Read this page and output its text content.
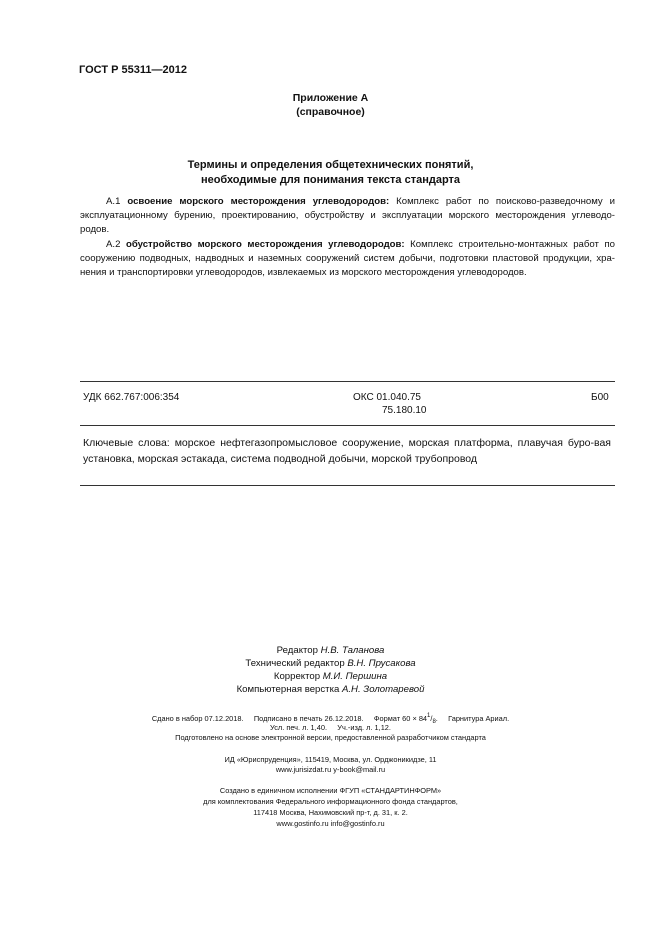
ГОСТ Р 55311—2012
Приложение А
(справочное)
Термины и определения общетехнических понятий,
необходимые для понимания текста стандарта

А.1 освоение морского месторождения углеводородов: Комплекс работ по поисково-разведочному и эксплуатационному бурению, проектированию, обустройству и эксплуатации морского месторождения углеводо-родов.

А.2 обустройство морского месторождения углеводородов: Комплекс строительно-монтажных работ по сооружению подводных, надводных и наземных сооружений систем добычи, подготовки пластовой продукции, хра-нения и транспортировки углеводородов, извлекаемых из морского месторождения углеводородов.

УДК 662.767:006:354	ОКС 01.040.75
75.180.10
Б00

Ключевые слова: морское нефтегазопромысловое сооружение, морская платформа, плавучая буро-вая установка, морская эстакада, система подводной добычи, морской трубопровод

Редактор Н.В. Таланова
Технический редактор В.Н. Прусакова
Корректор М.И. Першина
Компьютерная верстка А.Н. Золотаревой
Сдано в набор 07.12.2018. Подписано в печать 26.12.2018. Формат $60 \times 84^1/_8$.     Гарнитура Ариал.
Усл. печ. л. 1,40. Уч.-изд. л. 1,12.
Подготовлено на основе электронной версии, предоставленной разработчиком стандарта
ИД «Юриспруденция», 115419, Москва, ул. Орджоникидзе, 11
www.jurisizdat.ru y-book@mail.ru
Создано в единичном исполнении ФГУП «СТАНДАРТИНФОРМ»
для комплектования Федерального информационного фонда стандартов,
117418 Москва, Нахимовский пр-т, д. 31, к. 2.
www.gostinfo.ru info@gostinfo.ru
